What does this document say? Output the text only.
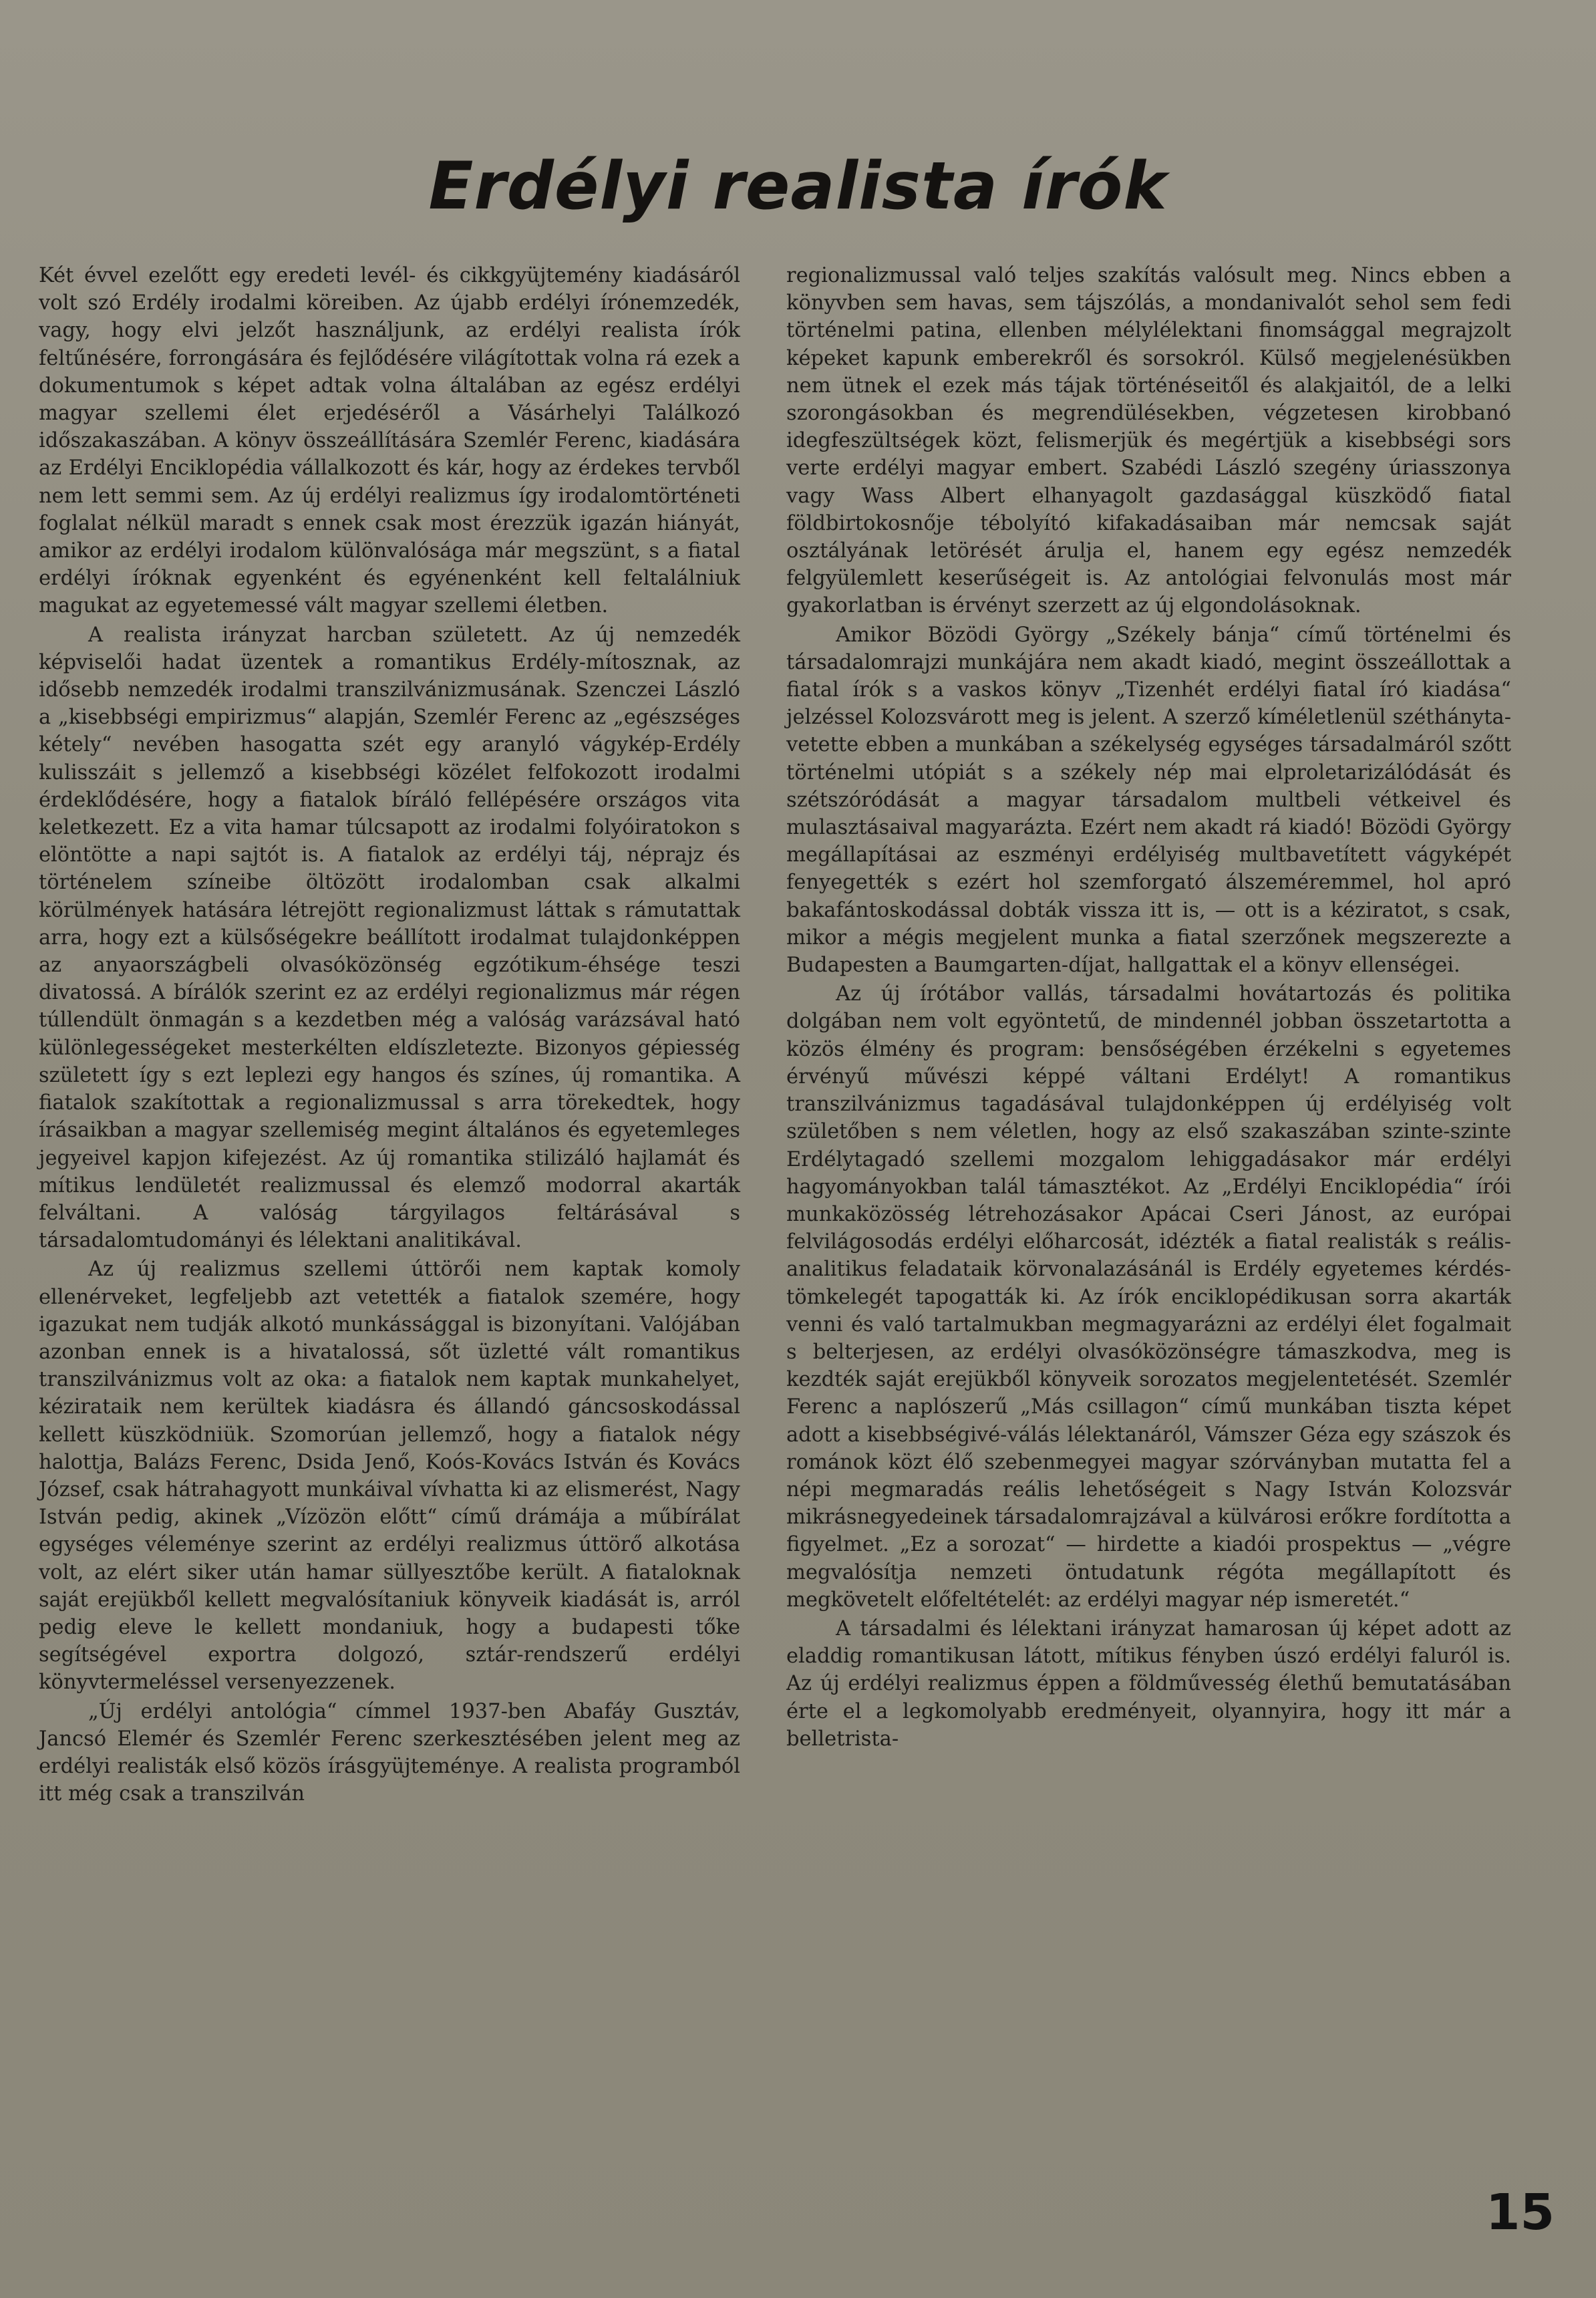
Erdélyi realista írók

Két évvel ezelőtt egy eredeti levél- és cikkgyüjtemény kiadásáról volt szó Erdély irodalmi köreiben. Az újabb erdélyi írónemzedék, vagy, hogy elvi jelzőt használjunk, az erdélyi realista írók feltűnésére, forrongására és fejlődésére világítottak volna rá ezek a dokumentumok s képet adtak volna általában az egész erdélyi magyar szellemi élet erjedéséről a Vásárhelyi Találkozó időszakaszában. A könyv összeállítására Szemlér Ferenc, kiadására az Erdélyi Enciklopédia vállalkozott és kár, hogy az érdekes tervből nem lett semmi sem. Az új erdélyi realizmus így irodalomtörténeti foglalat nélkül maradt s ennek csak most érezzük igazán hiányát, amikor az erdélyi irodalom különvalósága már megszünt, s a fiatal erdélyi íróknak egyenként és egyénenként kell feltalálniuk magukat az egyetemessé vált magyar szellemi életben.

A realista irányzat harcban született. Az új nemzedék képviselői hadat üzentek a romantikus Erdély-mítosznak, az idősebb nemzedék irodalmi transzilvánizmusának. Szenczei László a „kisebbségi empirizmus“ alapján, Szemlér Ferenc az „egészséges kétely“ nevében hasogatta szét egy aranyló vágykép-Erdély kulisszáit s jellemző a kisebbségi közélet felfokozott irodalmi érdeklődésére, hogy a fiatalok bíráló fellépésére országos vita keletkezett. Ez a vita hamar túlcsapott az irodalmi folyóiratokon s elöntötte a napi sajtót is. A fiatalok az erdélyi táj, néprajz és történelem színeibe öltözött irodalomban csak alkalmi körülmények hatására létrejött regionalizmust láttak s rámutattak arra, hogy ezt a külsőségekre beállított irodalmat tulajdonképpen az anyaországbeli olvasóközönség egzótikum-éhsége teszi divatossá. A bírálók szerint ez az erdélyi regionalizmus már régen túllendült önmagán s a kezdetben még a valóság varázsával ható különlegességeket mesterkélten eldíszletezte. Bizonyos gépiesség született így s ezt leplezi egy hangos és színes, új romantika. A fiatalok szakítottak a regionalizmussal s arra törekedtek, hogy írásaikban a magyar szellemiség megint általános és egyetemleges jegyeivel kapjon kifejezést. Az új romantika stilizáló hajlamát és mítikus lendületét realizmussal és elemző modorral akarták felváltani. A valóság tárgyilagos feltárásával s társadalomtudományi és lélektani analitikával.

Az új realizmus szellemi úttörői nem kaptak komoly ellenérveket, legfeljebb azt vetették a fiatalok szemére, hogy igazukat nem tudják alkotó munkássággal is bizonyítani. Valójában azonban ennek is a hivatalossá, sőt üzletté vált romantikus transzilvánizmus volt az oka: a fiatalok nem kaptak munkahelyet, kézirataik nem kerültek kiadásra és állandó gáncsoskodással kellett küszködniük. Szomorúan jellemző, hogy a fiatalok négy halottja, Balázs Ferenc, Dsida Jenő, Koós-Kovács István és Kovács József, csak hátrahagyott munkáival vívhatta ki az elismerést, Nagy István pedig, akinek „Vízözön előtt“ című drámája a műbírálat egységes véleménye szerint az erdélyi realizmus úttörő alkotása volt, az elért siker után hamar süllyesztőbe került. A fiataloknak saját erejükből kellett megvalósítaniuk könyveik kiadását is, arról pedig eleve le kellett mondaniuk, hogy a budapesti tőke segítségével exportra dolgozó, sztár-rendszerű erdélyi könyvtermeléssel versenyezzenek.

„Új erdélyi antológia“ címmel 1937-ben Abafáy Gusztáv, Jancsó Elemér és Szemlér Ferenc szerkesztésében jelent meg az erdélyi realisták első közös írásgyüjteménye. A realista programból itt még csak a transzilván

regionalizmussal való teljes szakítás valósult meg. Nincs ebben a könyvben sem havas, sem tájszólás, a mondanivalót sehol sem fedi történelmi patina, ellenben mélylélektani finomsággal megrajzolt képeket kapunk emberekről és sorsokról. Külső megjelenésükben nem ütnek el ezek más tájak történéseitől és alakjaitól, de a lelki szorongásokban és megrendülésekben, végzetesen kirobbanó idegfeszültségek közt, felismerjük és megértjük a kisebbségi sors verte erdélyi magyar embert. Szabédi László szegény úriasszonya vagy Wass Albert elhanyagolt gazdasággal küszködő fiatal földbirtokosnője tébolyító kifakadásaiban már nemcsak saját osztályának letörését árulja el, hanem egy egész nemzedék felgyülemlett keserűségeit is. Az antológiai felvonulás most már gyakorlatban is érvényt szerzett az új elgondolásoknak.

Amikor Bözödi György „Székely bánja“ című történelmi és társadalomrajzi munkájára nem akadt kiadó, megint összeállottak a fiatal írók s a vaskos könyv „Tizenhét erdélyi fiatal író kiadása“ jelzéssel Kolozsvárott meg is jelent. A szerző kíméletlenül széthányta-vetette ebben a munkában a székelység egységes társadalmáról szőtt történelmi utópiát s a székely nép mai elproletarizálódását és szétszóródását a magyar társadalom multbeli vétkeivel és mulasztásaival magyarázta. Ezért nem akadt rá kiadó! Bözödi György megállapításai az eszményi erdélyiség multbavetített vágyképét fenyegették s ezért hol szemforgató álszeméremmel, hol apró bakafántoskodással dobták vissza itt is, — ott is a kéziratot, s csak, mikor a mégis megjelent munka a fiatal szerzőnek megszerezte a Budapesten a Baumgarten-díjat, hallgattak el a könyv ellenségei.

Az új írótábor vallás, társadalmi hovátartozás és politika dolgában nem volt egyöntetű, de mindennél jobban összetartotta a közös élmény és program: bensőségében érzékelni s egyetemes érvényű művészi képpé váltani Erdélyt! A romantikus transzilvánizmus tagadásával tulajdonképpen új erdélyiség volt születőben s nem véletlen, hogy az első szakaszában szinte-szinte Erdélytagadó szellemi mozgalom lehiggadásakor már erdélyi hagyományokban talál támasztékot. Az „Erdélyi Enciklopédia“ írói munkaközösség létrehozásakor Apácai Cseri Jánost, az európai felvilágosodás erdélyi előharcosát, idézték a fiatal realisták s reális-analitikus feladataik körvonalazásánál is Erdély egyetemes kérdés-tömkelegét tapogatták ki. Az írók enciklopédikusan sorra akarták venni és való tartalmukban megmagyarázni az erdélyi élet fogalmait s belterjesen, az erdélyi olvasóközönségre támaszkodva, meg is kezdték saját erejükből könyveik sorozatos megjelentetését. Szemlér Ferenc a naplószerű „Más csillagon“ című munkában tiszta képet adott a kisebbségivé-válás lélektanáról, Vámszer Géza egy szászok és románok közt élő szebenmegyei magyar szórványban mutatta fel a népi megmaradás reális lehetőségeit s Nagy István Kolozsvár mikrásnegyedeinek társadalomrajzával a külvárosi erőkre fordította a figyelmet. „Ez a sorozat“ — hirdette a kiadói prospektus — „végre megvalósítja nemzeti öntudatunk régóta megállapított és megkövetelt előfeltételét: az erdélyi magyar nép ismeretét.“

A társadalmi és lélektani irányzat hamarosan új képet adott az eladdig romantikusan látott, mítikus fényben úszó erdélyi faluról is. Az új erdélyi realizmus éppen a földművesség élethű bemutatásában érte el a legkomolyabb eredményeit, olyannyira, hogy itt már a belletrista-

15
